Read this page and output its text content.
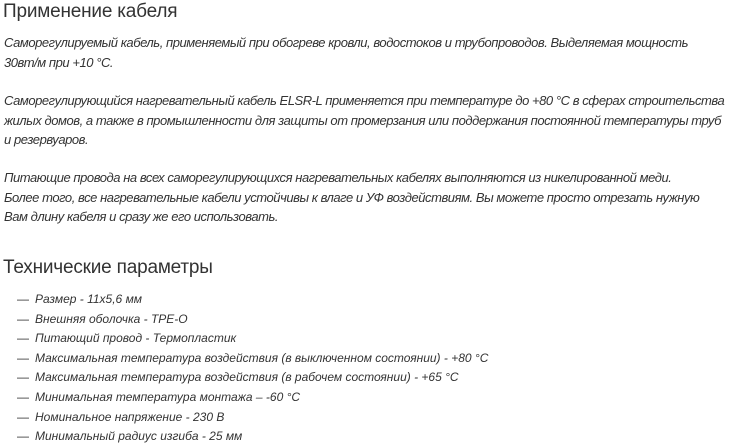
Применение кабеля
Саморегулируемый кабель, применяемый при обогреве кровли, водостоков и трубопроводов. Выделяемая мощность
30вт/м при +10 °С.
Саморегулирующийся нагревательный кабель ELSR-L применяется при температуре до +80 °С в сферах строительства
жилых домов, а также в промышленности для защиты от промерзания или поддержания постоянной температуры труб
и резервуаров.
Питающие провода на всех саморегулирующихся нагревательных кабелях выполняются из никелированной меди.
Более того, все нагревательные кабели устойчивы к влаге и УФ воздействиям. Вы можете просто отрезать нужную
Вам длину кабеля и сразу же его использовать.
Технические параметры
— Размер - 11х5,6 мм
— Внешняя оболочка - TPE-O
— Питающий провод - Термопластик
— Максимальная температура воздействия (в выключенном состоянии) - +80 °С
— Максимальная температура воздействия (в рабочем состоянии) - +65 °С
— Минимальная температура монтажа – -60 °С
— Номинальное напряжение - 230 В
— Минимальный радиус изгиба - 25 мм
